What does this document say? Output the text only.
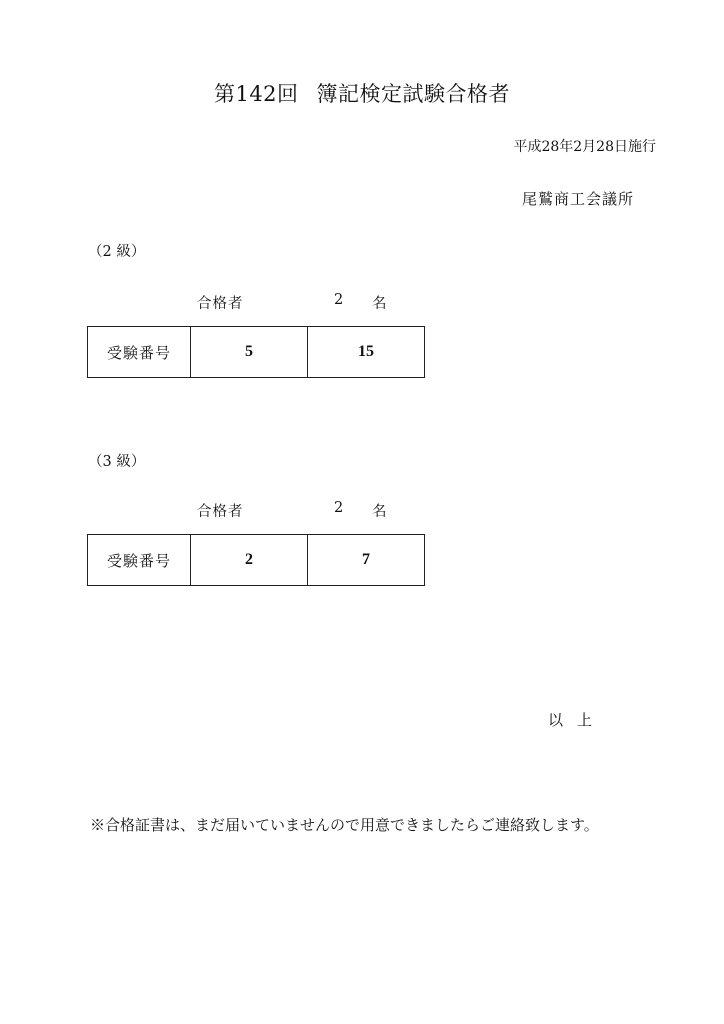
第142回 簿記検定試験合格者
平成28年2月28日施行
尾鷲商工会議所
（2 級）
合格者	2 名
受験番号	5	15
（3 級）
合格者	2 名
受験番号	2	7
以 上
※合格証書は、まだ届いていませんので用意できましたらご連絡致します。
